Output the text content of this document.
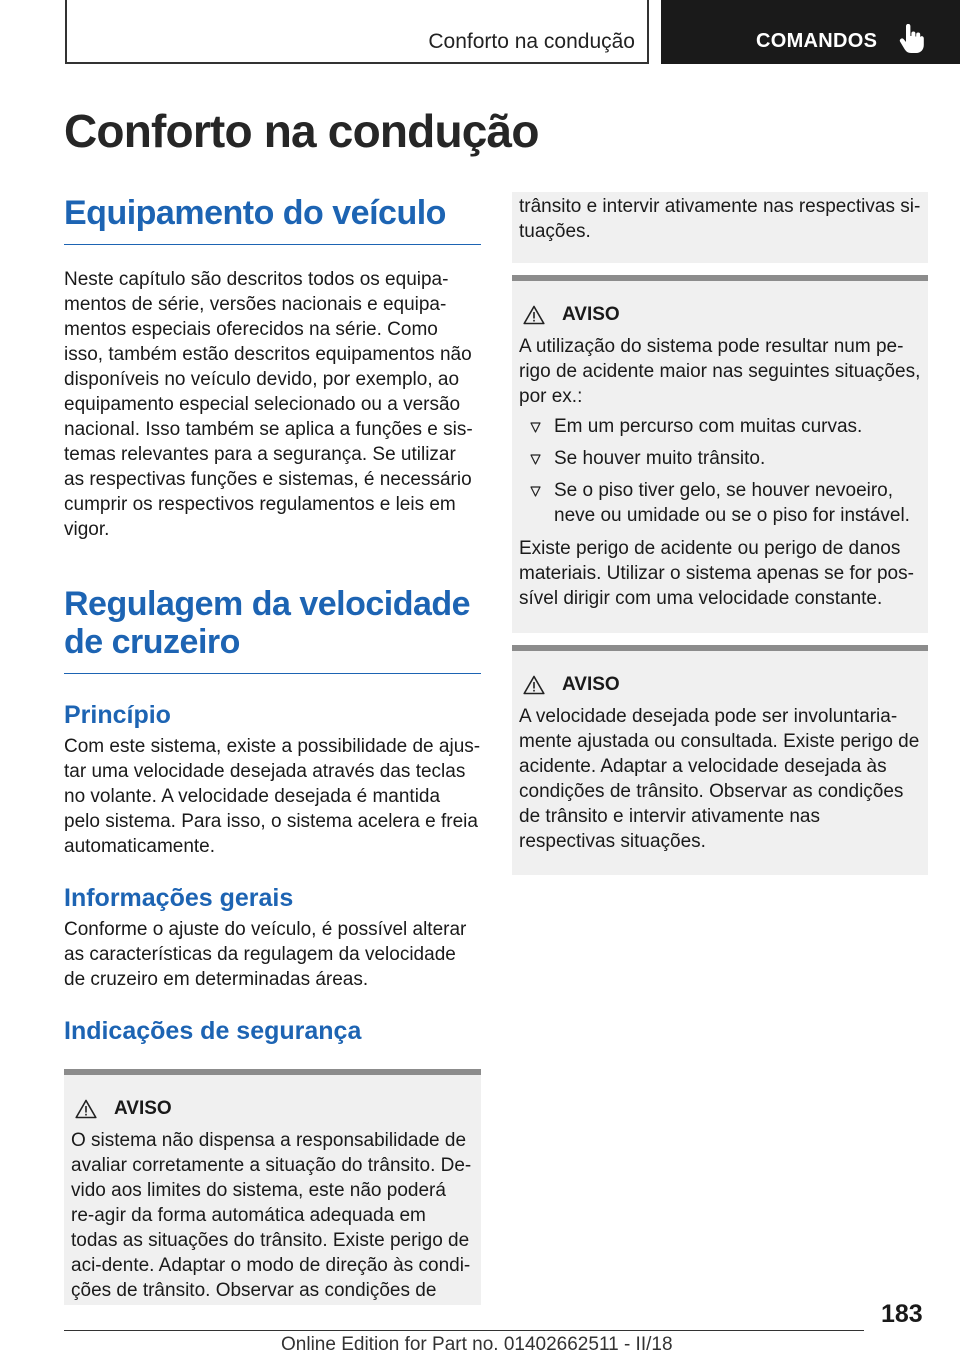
Conforto na condução	COMANDOS
Conforto na condução
Equipamento do veículo

Neste capítulo são descritos todos os equipa-mentos de série, versões nacionais e equipa-mentos especiais oferecidos na série. Como isso, também estão descritos equipamentos não disponíveis no veículo devido, por exemplo, ao equipamento especial selecionado ou a versão nacional. Isso também se aplica a funções e sis-temas relevantes para a segurança. Se utilizar as respectivas funções e sistemas, é necessário cumprir os respectivos regulamentos e leis em vigor.

Regulagem da velocidade de cruzeiro
Princípio

Com este sistema, existe a possibilidade de ajus-tar uma velocidade desejada através das teclas no volante. A velocidade desejada é mantida pelo sistema. Para isso, o sistema acelera e freia automaticamente.

Informações gerais

Conforme o ajuste do veículo, é possível alterar as características da regulagem da velocidade de cruzeiro em determinadas áreas.

Indicações de segurança
AVISO

O sistema não dispensa a responsabilidade de avaliar corretamente a situação do trânsito. De-vido aos limites do sistema, este não poderá re-agir da forma automática adequada em todas as situações do trânsito. Existe perigo de aci-dente. Adaptar o modo de direção às condi-ções de trânsito. Observar as condições de

trânsito e intervir ativamente nas respectivas si-tuações.

AVISO

A utilização do sistema pode resultar num pe-rigo de acidente maior nas seguintes situações, por ex.:

Em um percurso com muitas curvas.
Se houver muito trânsito.
Se o piso tiver gelo, se houver nevoeiro, neve ou umidade ou se o piso for instável.

Existe perigo de acidente ou perigo de danos materiais. Utilizar o sistema apenas se for pos-sível dirigir com uma velocidade constante.

AVISO

A velocidade desejada pode ser involuntaria-mente ajustada ou consultada. Existe perigo de acidente. Adaptar a velocidade desejada às condições de trânsito. Observar as condições de trânsito e intervir ativamente nas respectivas situações.

183
Online Edition for Part no. 01402662511 - II/18
